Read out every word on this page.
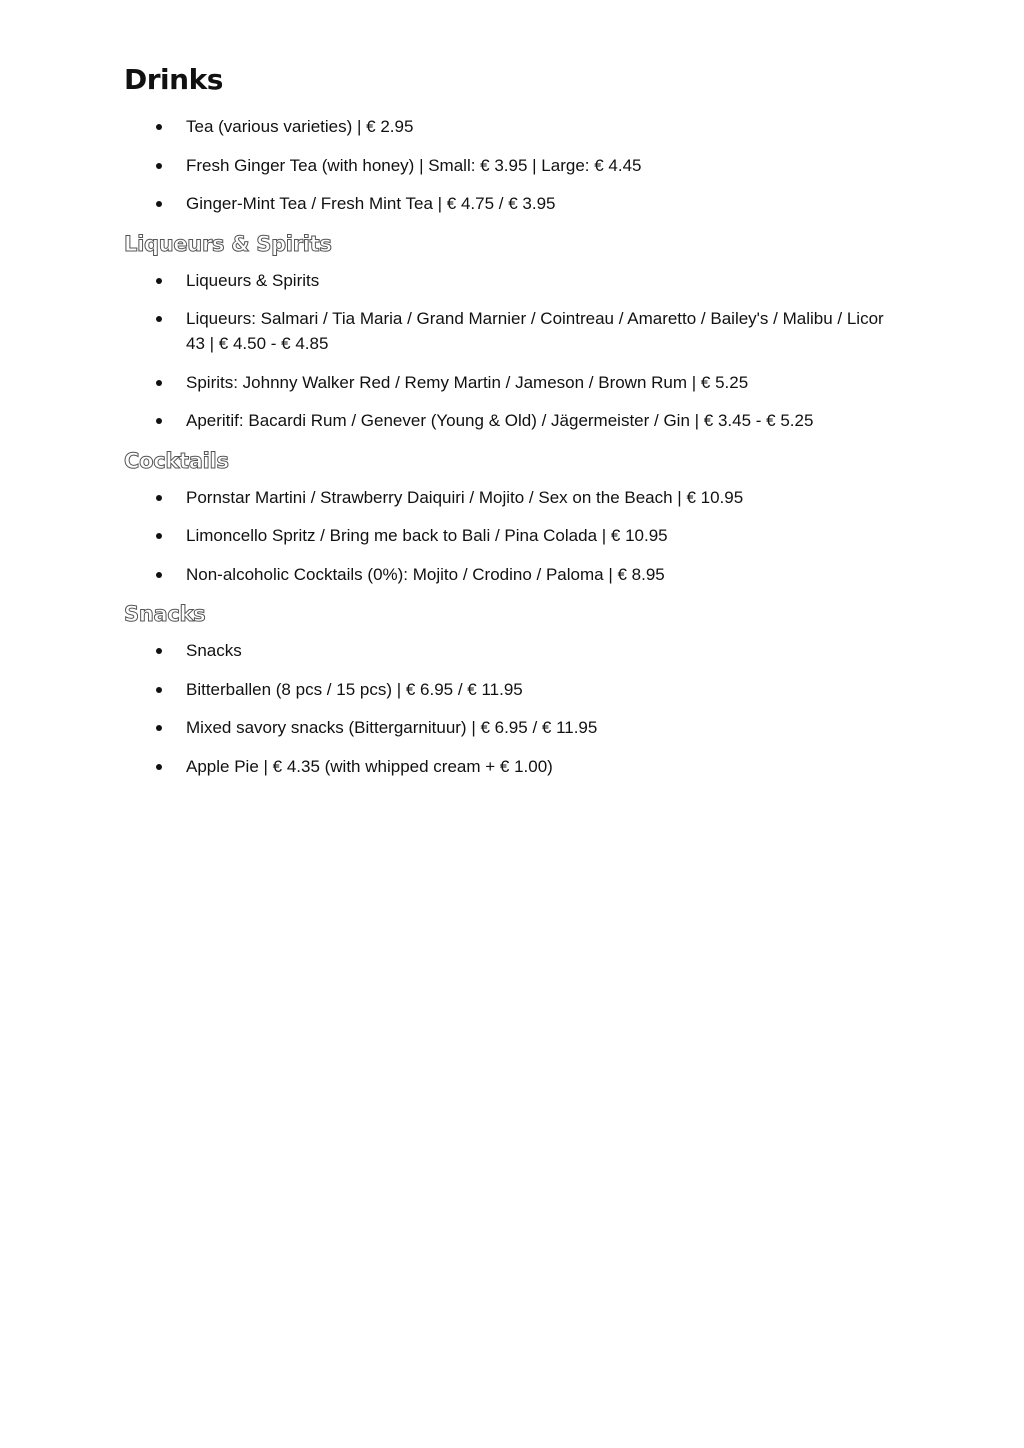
Drinks
Tea (various varieties) | € 2.95
Fresh Ginger Tea (with honey) | Small: € 3.95 | Large: € 4.45
Ginger-Mint Tea / Fresh Mint Tea | € 4.75 / € 3.95
Liqueurs & Spirits
Liqueurs & Spirits
Liqueurs: Salmari / Tia Maria / Grand Marnier / Cointreau / Amaretto / Bailey's / Malibu / Licor 43 | € 4.50 - € 4.85
Spirits: Johnny Walker Red / Remy Martin / Jameson / Brown Rum | € 5.25
Aperitif: Bacardi Rum / Genever (Young & Old) / Jägermeister / Gin | € 3.45 - € 5.25
Cocktails
Pornstar Martini / Strawberry Daiquiri / Mojito / Sex on the Beach | € 10.95
Limoncello Spritz / Bring me back to Bali / Pina Colada | € 10.95
Non-alcoholic Cocktails (0%): Mojito / Crodino / Paloma | € 8.95
Snacks
Snacks
Bitterballen (8 pcs / 15 pcs) | € 6.95 / € 11.95
Mixed savory snacks (Bittergarnituur) | € 6.95 / € 11.95
Apple Pie | € 4.35 (with whipped cream + € 1.00)
